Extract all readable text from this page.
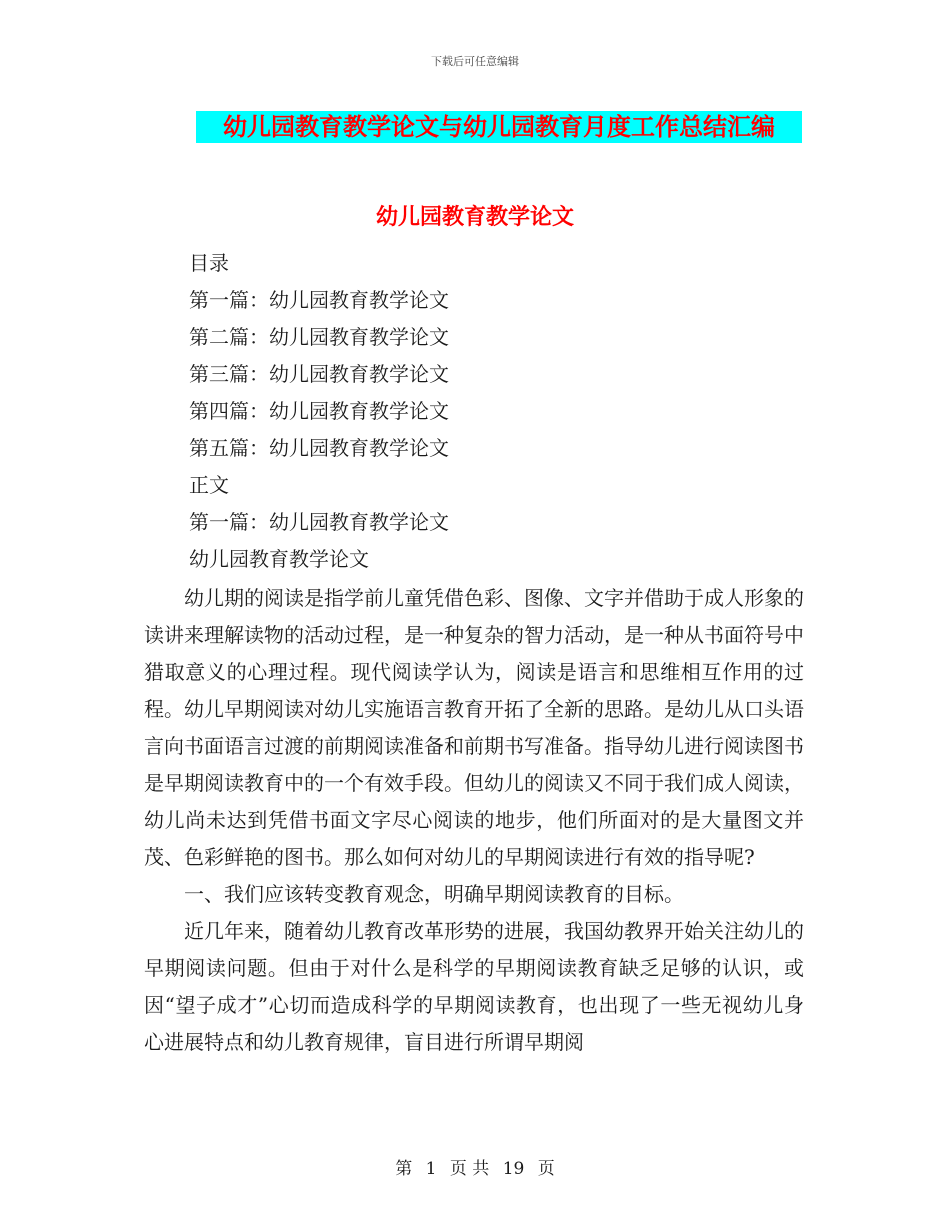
下载后可任意编辑
幼儿园教育教学论文与幼儿园教育月度工作总结汇编
幼儿园教育教学论文
目录
第一篇：幼儿园教育教学论文
第二篇：幼儿园教育教学论文
第三篇：幼儿园教育教学论文
第四篇：幼儿园教育教学论文
第五篇：幼儿园教育教学论文
正文
第一篇：幼儿园教育教学论文
幼儿园教育教学论文

幼儿期的阅读是指学前儿童凭借色彩、图像、文字并借助于成人形象的读讲来理解读物的活动过程，是一种复杂的智力活动，是一种从书面符号中猎取意义的心理过程。现代阅读学认为，阅读是语言和思维相互作用的过程。幼儿早期阅读对幼儿实施语言教育开拓了全新的思路。是幼儿从口头语言向书面语言过渡的前期阅读准备和前期书写准备。指导幼儿进行阅读图书是早期阅读教育中的一个有效手段。但幼儿的阅读又不同于我们成人阅读，幼儿尚未达到凭借书面文字尽心阅读的地步，他们所面对的是大量图文并茂、色彩鲜艳的图书。那么如何对幼儿的早期阅读进行有效的指导呢?

一、我们应该转变教育观念，明确早期阅读教育的目标。

近几年来，随着幼儿教育改革形势的进展，我国幼教界开始关注幼儿的早期阅读问题。但由于对什么是科学的早期阅读教育缺乏足够的认识，或因“望子成才”心切而造成科学的早期阅读教育，也出现了一些无视幼儿身心进展特点和幼儿教育规律，盲目进行所谓早期阅

第 1 页 共 19 页
